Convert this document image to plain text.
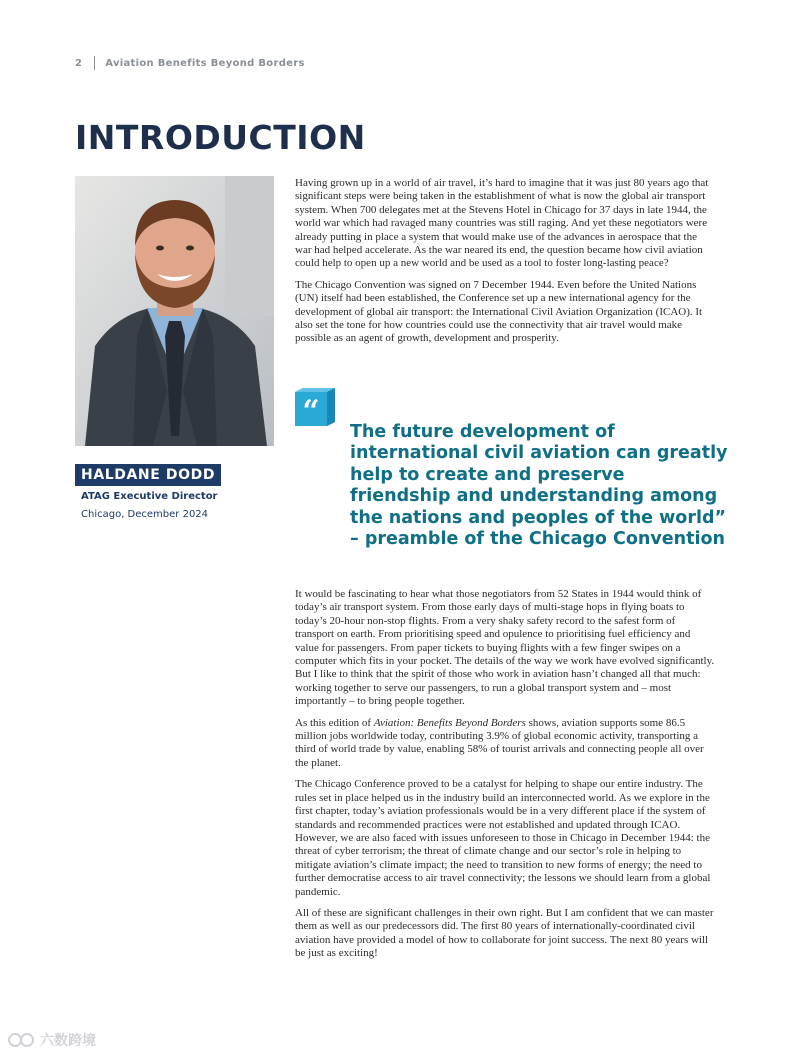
2 Aviation Benefits Beyond Borders
INTRODUCTION
HALDANE DODD
ATAG Executive Director
Chicago, December 2024

Having grown up in a world of air travel, it’s hard to imagine that it was just 80 years ago that significant steps were being taken in the establishment of what is now the global air transport system. When 700 delegates met at the Stevens Hotel in Chicago for 37 days in late 1944, the world war which had ravaged many countries was still raging. And yet these negotiators were already putting in place a system that would make use of the advances in aerospace that the war had helped accelerate. As the war neared its end, the question became how civil aviation could help to open up a new world and be used as a tool to foster long-lasting peace?

The Chicago Convention was signed on 7 December 1944. Even before the United Nations (UN) itself had been established, the Conference set up a new international agency for the development of global air transport: the International Civil Aviation Organization (ICAO). It also set the tone for how countries could use the connectivity that air travel would make possible as an agent of growth, development and prosperity.

“

The future development of international civil aviation can greatly help to create and preserve friendship and understanding among the nations and peoples of the world” – preamble of the Chicago Convention

It would be fascinating to hear what those negotiators from 52 States in 1944 would think of today’s air transport system. From those early days of multi-stage hops in flying boats to today’s 20-hour non-stop flights. From a very shaky safety record to the safest form of transport on earth. From prioritising speed and opulence to prioritising fuel efficiency and value for passengers. From paper tickets to buying flights with a few finger swipes on a computer which fits in your pocket. The details of the way we work have evolved significantly. But I like to think that the spirit of those who work in aviation hasn’t changed all that much: working together to serve our passengers, to run a global transport system and – most importantly – to bring people together.

As this edition of Aviation: Benefits Beyond Borders shows, aviation supports some 86.5 million jobs worldwide today, contributing 3.9% of global economic activity, transporting a third of world trade by value, enabling 58% of tourist arrivals and connecting people all over the planet.

The Chicago Conference proved to be a catalyst for helping to shape our entire industry. The rules set in place helped us in the industry build an interconnected world. As we explore in the first chapter, today’s aviation professionals would be in a very different place if the system of standards and recommended practices were not established and updated through ICAO. However, we are also faced with issues unforeseen to those in Chicago in December 1944: the threat of cyber terrorism; the threat of climate change and our sector’s role in helping to mitigate aviation’s climate impact; the need to transition to new forms of energy; the need to further democratise access to air travel connectivity; the lessons we should learn from a global pandemic.

All of these are significant challenges in their own right. But I am confident that we can master them as well as our predecessors did. The first 80 years of internationally-coordinated civil aviation have provided a model of how to collaborate for joint success. The next 80 years will be just as exciting!

六数跨境
